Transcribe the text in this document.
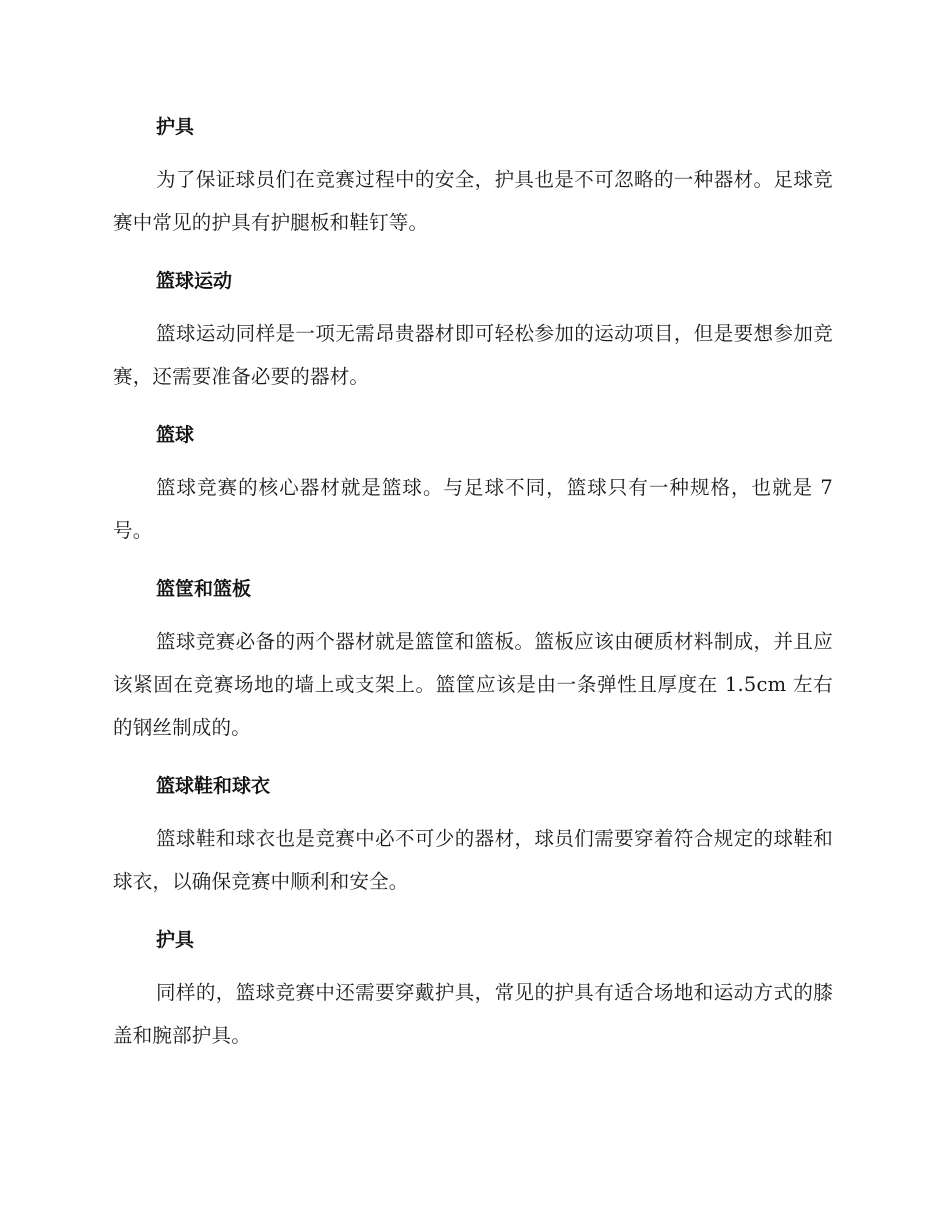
护具

为了保证球员们在竞赛过程中的安全，护具也是不可忽略的一种器材。足球竞赛中常见的护具有护腿板和鞋钉等。

篮球运动

篮球运动同样是一项无需昂贵器材即可轻松参加的运动项目，但是要想参加竞赛，还需要准备必要的器材。

篮球

篮球竞赛的核心器材就是篮球。与足球不同，篮球只有一种规格，也就是 7 号。

篮筐和篮板

篮球竞赛必备的两个器材就是篮筐和篮板。篮板应该由硬质材料制成，并且应该紧固在竞赛场地的墙上或支架上。篮筐应该是由一条弹性且厚度在 1.5cm 左右的钢丝制成的。

篮球鞋和球衣

篮球鞋和球衣也是竞赛中必不可少的器材，球员们需要穿着符合规定的球鞋和球衣，以确保竞赛中顺利和安全。

护具

同样的，篮球竞赛中还需要穿戴护具，常见的护具有适合场地和运动方式的膝盖和腕部护具。
